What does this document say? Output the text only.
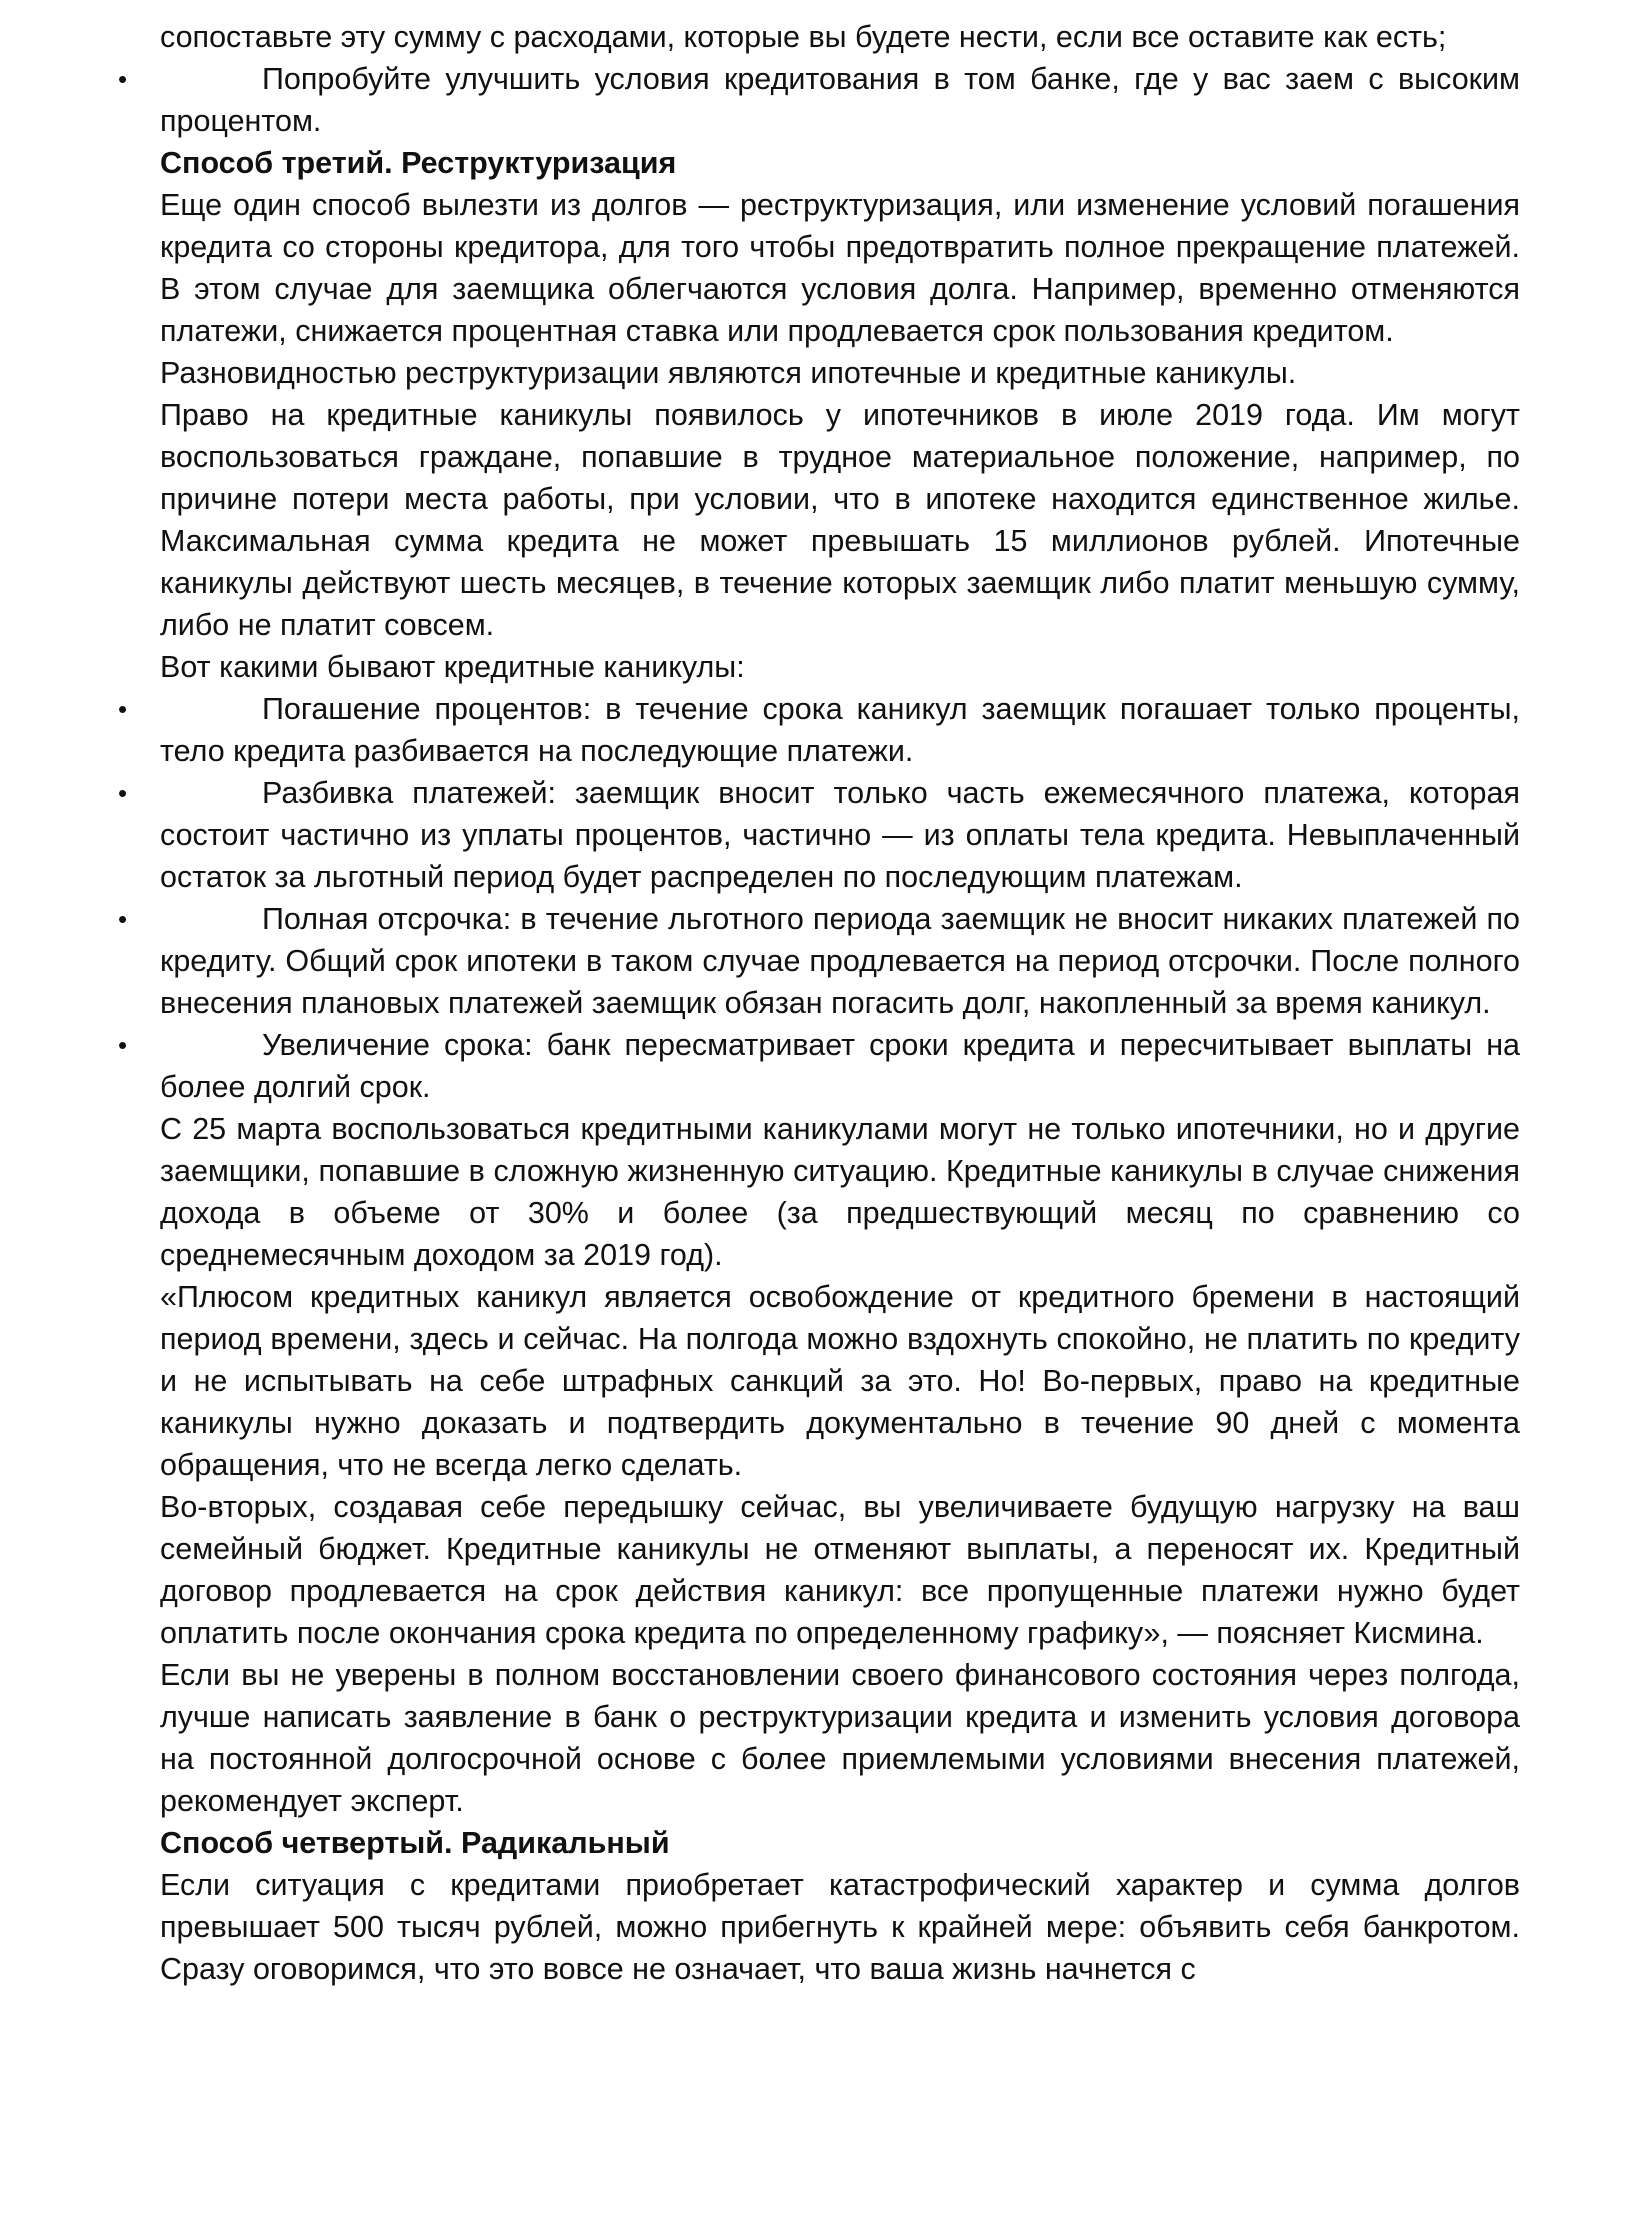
сопоставьте эту сумму с расходами, которые вы будете нести, если все оставите как есть;

•	Попробуйте улучшить условия кредитования в том банке, где у вас заем с высоким процентом.

Способ третий. Реструктуризация

Еще один способ вылезти из долгов — реструктуризация, или изменение условий погашения кредита со стороны кредитора, для того чтобы предотвратить полное прекращение платежей. В этом случае для заемщика облегчаются условия долга. Например, временно отменяются платежи, снижается процентная ставка или продлевается срок пользования кредитом.

Разновидностью реструктуризации являются ипотечные и кредитные каникулы.

Право на кредитные каникулы появилось у ипотечников в июле 2019 года. Им могут воспользоваться граждане, попавшие в трудное материальное положение, например, по причине потери места работы, при условии, что в ипотеке находится единственное жилье. Максимальная сумма кредита не может превышать 15 миллионов рублей. Ипотечные каникулы действуют шесть месяцев, в течение которых заемщик либо платит меньшую сумму, либо не платит совсем.

Вот какими бывают кредитные каникулы:

•	Погашение процентов: в течение срока каникул заемщик погашает только проценты, тело кредита разбивается на последующие платежи.
•	Разбивка платежей: заемщик вносит только часть ежемесячного платежа, которая состоит частично из уплаты процентов, частично — из оплаты тела кредита. Невыплаченный остаток за льготный период будет распределен по последующим платежам.
•	Полная отсрочка: в течение льготного периода заемщик не вносит никаких платежей по кредиту. Общий срок ипотеки в таком случае продлевается на период отсрочки. После полного внесения плановых платежей заемщик обязан погасить долг, накопленный за время каникул.
•	Увеличение срока: банк пересматривает сроки кредита и пересчитывает выплаты на более долгий срок.

С 25 марта воспользоваться кредитными каникулами могут не только ипотечники, но и другие заемщики, попавшие в сложную жизненную ситуацию. Кредитные каникулы в случае снижения дохода в объеме от 30% и более (за предшествующий месяц по сравнению со среднемесячным доходом за 2019 год).

«Плюсом кредитных каникул является освобождение от кредитного бремени в настоящий период времени, здесь и сейчас. На полгода можно вздохнуть спокойно, не платить по кредиту и не испытывать на себе штрафных санкций за это. Но! Во-первых, право на кредитные каникулы нужно доказать и подтвердить документально в течение 90 дней с момента обращения, что не всегда легко сделать.

Во-вторых, создавая себе передышку сейчас, вы увеличиваете будущую нагрузку на ваш семейный бюджет. Кредитные каникулы не отменяют выплаты, а переносят их. Кредитный договор продлевается на срок действия каникул: все пропущенные платежи нужно будет оплатить после окончания срока кредита по определенному графику», — поясняет Кисмина.

Если вы не уверены в полном восстановлении своего финансового состояния через полгода, лучше написать заявление в банк о реструктуризации кредита и изменить условия договора на постоянной долгосрочной основе с более приемлемыми условиями внесения платежей, рекомендует эксперт.

Способ четвертый. Радикальный

Если ситуация с кредитами приобретает катастрофический характер и сумма долгов превышает 500 тысяч рублей, можно прибегнуть к крайней мере: объявить себя банкротом. Сразу оговоримся, что это вовсе не означает, что ваша жизнь начнется с
